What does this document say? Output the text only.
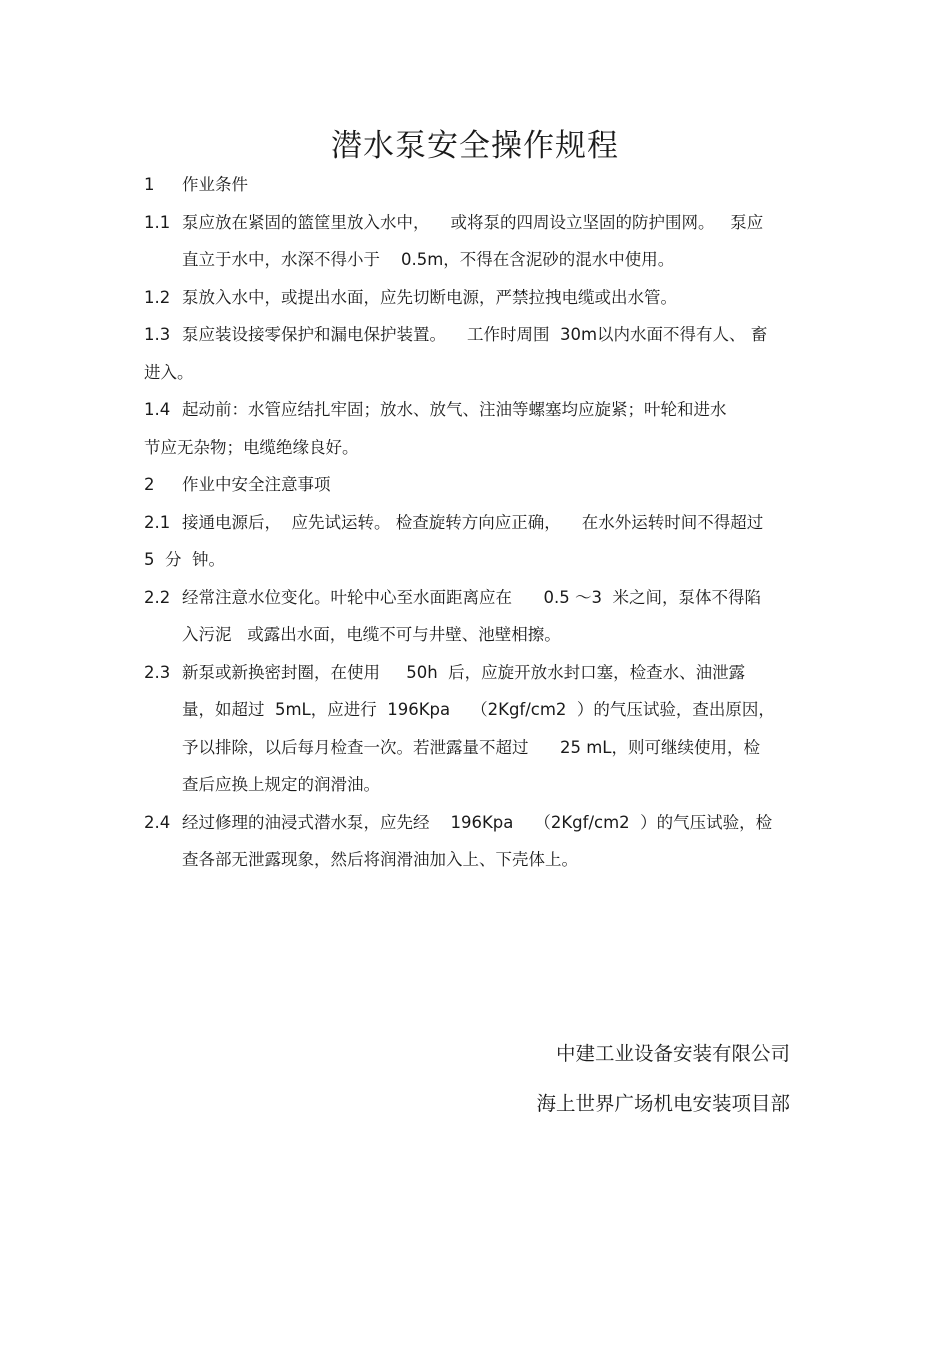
潜水泵安全操作规程
1 作业条件
1.1 泵应放在紧固的篮筐里放入水中，    或将泵的四周设立坚固的防护围网。   泵应
直立于水中，水深不得小于    0.5m，不得在含泥砂的混水中使用。
1.2 泵放入水中，或提出水面，应先切断电源，严禁拉拽电缆或出水管。
1.3 泵应装设接零保护和漏电保护装置。    工作时周围  30m以内水面不得有人、 畜
进入。
1.4 起动前：水管应结扎牢固；放水、放气、注油等螺塞均应旋紧；叶轮和进水
节应无杂物；电缆绝缘良好。
2 作业中安全注意事项
2.1 接通电源后，  应先试运转。 检查旋转方向应正确，    在水外运转时间不得超过
5  分  钟。
2.2 经常注意水位变化。叶轮中心至水面距离应在      0.5 ～3  米之间，泵体不得陷
入污泥   或露出水面，电缆不可与井壁、池壁相擦。
2.3 新泵或新换密封圈，在使用     50h  后，应旋开放水封口塞，检查水、油泄露
量，如超过  5mL，应进行  196Kpa    （2Kgf/cm2  ）的气压试验，查出原因，
予以排除，以后每月检查一次。若泄露量不超过      25 mL，则可继续使用，检
查后应换上规定的润滑油。
2.4 经过修理的油浸式潜水泵，应先经    196Kpa    （2Kgf/cm2  ）的气压试验，检
查各部无泄露现象，然后将润滑油加入上、下壳体上。
中建工业设备安装有限公司
海上世界广场机电安装项目部
